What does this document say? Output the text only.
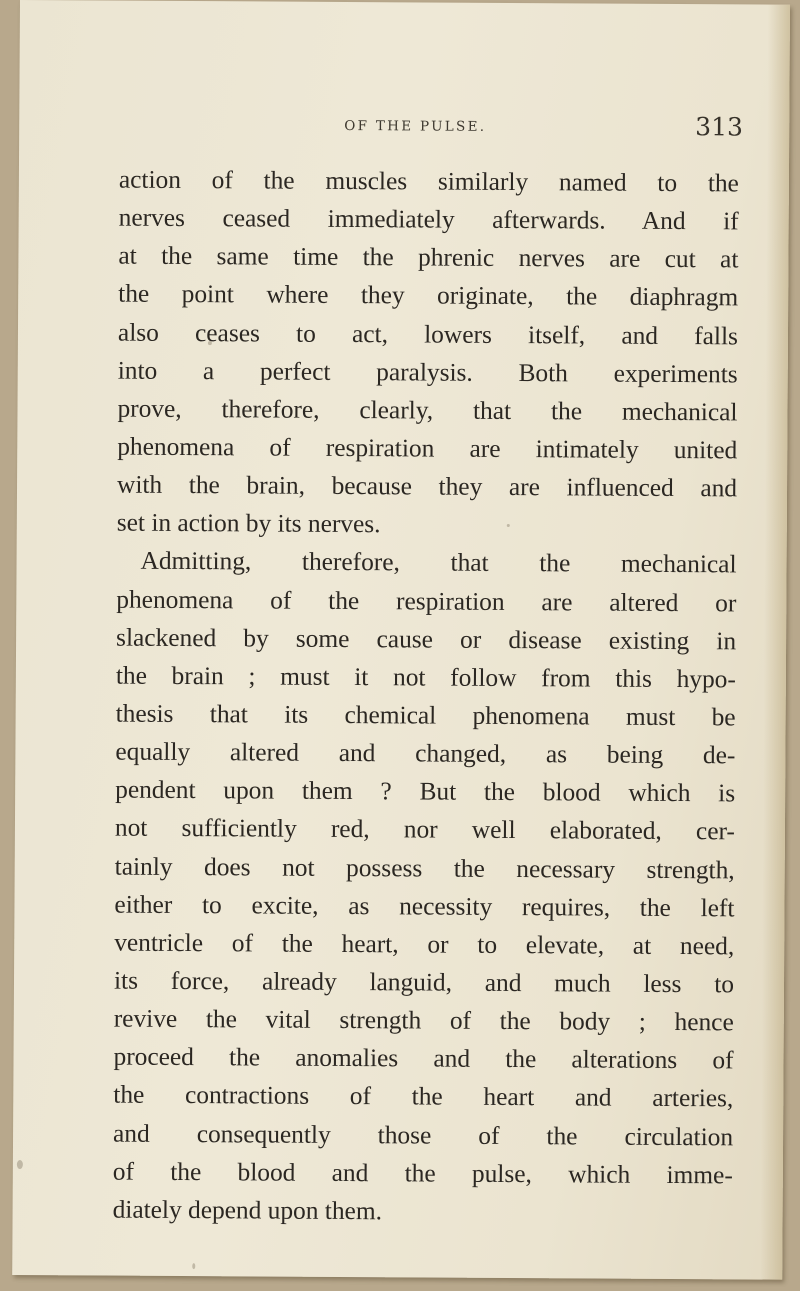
OF THE PULSE.	313
action of the muscles similarly named to the
nerves ceased immediately afterwards. And if
at the same time the phrenic nerves are cut at
the point where they originate, the diaphragm
also ceases to act, lowers itself, and falls
into a perfect paralysis. Both experiments
prove, therefore, clearly, that the mechanical
phenomena of respiration are intimately united
with the brain, because they are influenced and
set in action by its nerves.
Admitting, therefore, that the mechanical
phenomena of the respiration are altered or
slackened by some cause or disease existing in
the brain ; must it not follow from this hypo-
thesis that its chemical phenomena must be
equally altered and changed, as being de-
pendent upon them ? But the blood which is
not sufficiently red, nor well elaborated, cer-
tainly does not possess the necessary strength,
either to excite, as necessity requires, the left
ventricle of the heart, or to elevate, at need,
its force, already languid, and much less to
revive the vital strength of the body ; hence
proceed the anomalies and the alterations of
the contractions of the heart and arteries,
and consequently those of the circulation
of the blood and the pulse, which imme-
diately depend upon them.
